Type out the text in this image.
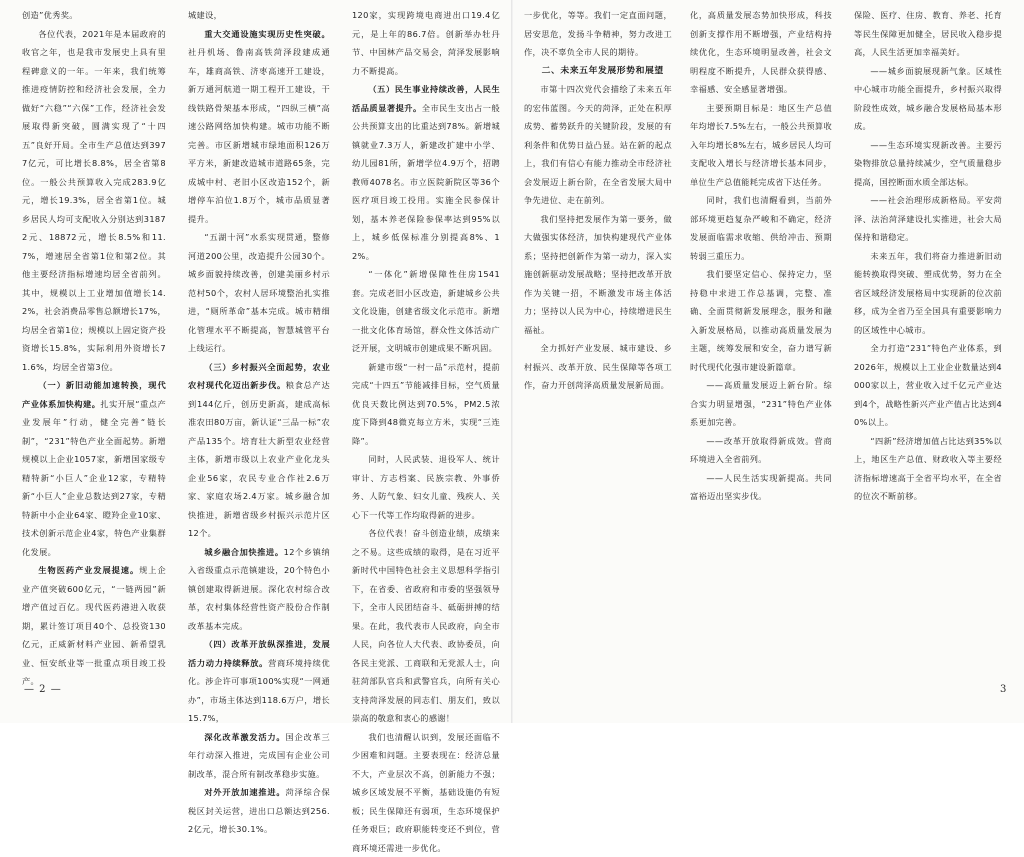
创造”优秀奖。

各位代表，2021年是本届政府的收官之年，也是我市发展史上具有里程碑意义的一年。一年来，我们统筹推进疫情防控和经济社会发展，全力做好“六稳”“六保”工作，经济社会发展取得新突破，圆满实现了“十四五”良好开局。全市生产总值达到3977亿元，可比增长8.8%，居全省第8位。一般公共预算收入完成283.9亿元，增长19.3%，居全省第1位。城乡居民人均可支配收入分别达到31872元、18872元，增长8.5%和11.7%，增速居全省第1位和第2位。其他主要经济指标增速均居全省前列。其中，规模以上工业增加值增长14.2%，社会消费品零售总额增长17%，均居全省第1位；规模以上固定资产投资增长15.8%，实际利用外资增长71.6%，均居全省第3位。

（一）新旧动能加速转换，现代产业体系加快构建。扎实开展“重点产业发展年”行动，健全完善“链长制”，“231”特色产业全面起势。新增规模以上企业1057家，新增国家级专精特新“小巨人”企业12家，专精特新“小巨人”企业总数达到27家，专精特新中小企业64家、瞪羚企业10家、技术创新示范企业4家，特色产业集群化发展。

生物医药产业发展提速。规上企业产值突破600亿元，“一链两园”新增产值过百亿。现代医药港进入收获期，累计签订项目40个、总投资130亿元，正威新材料产业园、新希望乳业、恒安纸业等一批重点项目竣工投产。

城建设，

重大交通设施实现历史性突破。社丹机场、鲁南高铁菏泽段建成通车，雄商高铁、济枣高速开工建设，新万通河航道一期工程开工建设，干线铁路骨架基本形成，“四纵三横”高速公路网络加快构建。城市功能不断完善。市区新增城市绿地面积126万平方米，新建改造城市道路65条，完成城中村、老旧小区改造152个，新增停车泊位1.8万个，城市品质显著提升。

“五湖十河”水系实现贯通，整修河道200公里，改造提升公园30个。城乡面貌持续改善，创建美丽乡村示范村50个，农村人居环境整治扎实推进，“厕所革命”基本完成。城市精细化管理水平不断提高，智慧城管平台上线运行。

（三）乡村振兴全面起势，农业农村现代化迈出新步伐。粮食总产达到144亿斤，创历史新高，建成高标准农田80万亩，新认证“三品一标”农产品135个。培育壮大新型农业经营主体，新增市级以上农业产业化龙头企业56家，农民专业合作社2.6万家、家庭农场2.4万家。城乡融合加快推进，新增省级乡村振兴示范片区12个。

城乡融合加快推进。12个乡镇纳入省级重点示范镇建设，20个特色小镇创建取得新进展。深化农村综合改革，农村集体经营性资产股份合作制改革基本完成。

（四）改革开放纵深推进，发展活力动力持续释放。营商环境持续优化。涉企许可事项100%实现“一网通办”，市场主体达到118.6万户，增长15.7%，

深化改革激发活力。国企改革三年行动深入推进，完成国有企业公司制改革，混合所有制改革稳步实施。

对外开放加速推进。菏泽综合保税区封关运营，进出口总额达到256.2亿元，增长30.1%。

120家，实现跨境电商进出口19.4亿元，是上年的86.7倍。创新举办牡丹节、中国林产品交易会，菏泽发展影响力不断提高。

（五）民生事业持续改善，人民生活品质显著提升。全市民生支出占一般公共预算支出的比重达到78%。新增城镇就业7.3万人，新建改扩建中小学、幼儿园81所，新增学位4.9万个，招聘教师4078名。市立医院新院区等36个医疗项目竣工投用。实施全民参保计划，基本养老保险参保率达到95%以上，城乡低保标准分别提高8%、12%。

“一体化”新增保障性住房1541套。完成老旧小区改造，新建城乡公共文化设施，创建省级文化示范市。新增一批文化体育场馆，群众性文体活动广泛开展，文明城市创建成果不断巩固。

新建市级“一村一品”示范村，提前完成“十四五”节能减排目标，空气质量优良天数比例达到70.5%，PM2.5浓度下降到48微克每立方米，实现“三连降”。

同时，人民武装、退役军人、统计审计、方志档案、民族宗教、外事侨务、人防气象、妇女儿童、残疾人、关心下一代等工作均取得新的进步。

各位代表！奋斗创造业绩，成绩来之不易。这些成绩的取得，是在习近平新时代中国特色社会主义思想科学指引下，在省委、省政府和市委的坚强领导下，全市人民团结奋斗、砥砺拼搏的结果。在此，我代表市人民政府，向全市人民，向各位人大代表、政协委员，向各民主党派、工商联和无党派人士，向驻菏部队官兵和武警官兵，向所有关心支持菏泽发展的同志们、朋友们，致以崇高的敬意和衷心的感谢！

我们也清醒认识到，发展还面临不少困难和问题。主要表现在：经济总量不大，产业层次不高，创新能力不强；城乡区域发展不平衡，基础设施仍有短板；民生保障还有弱项，生态环境保护任务艰巨；政府职能转变还不到位，营商环境还需进一步优化。

一步优化，等等。我们一定直面问题，居安思危，发扬斗争精神，努力改进工作，决不辜负全市人民的期待。

二、未来五年发展形势和展望

市第十四次党代会描绘了未来五年的宏伟蓝图。今天的菏泽，正处在积厚成势、蓄势跃升的关键阶段，发展的有利条件和优势日益凸显。站在新的起点上，我们有信心有能力推动全市经济社会发展迈上新台阶，在全省发展大局中争先进位、走在前列。

我们坚持把发展作为第一要务，做大做强实体经济，加快构建现代产业体系；坚持把创新作为第一动力，深入实施创新驱动发展战略；坚持把改革开放作为关键一招，不断激发市场主体活力；坚持以人民为中心，持续增进民生福祉。

全力抓好产业发展、城市建设、乡村振兴、改革开放、民生保障等各项工作，奋力开创菏泽高质量发展新局面。

化，高质量发展态势加快形成，科技创新支撑作用不断增强，产业结构持续优化，生态环境明显改善，社会文明程度不断提升，人民群众获得感、幸福感、安全感显著增强。

主要预期目标是：地区生产总值年均增长7.5%左右，一般公共预算收入年均增长8%左右，城乡居民人均可支配收入增长与经济增长基本同步，单位生产总值能耗完成省下达任务。

同时，我们也清醒看到，当前外部环境更趋复杂严峻和不确定，经济发展面临需求收缩、供给冲击、预期转弱三重压力。

我们要坚定信心、保持定力，坚持稳中求进工作总基调，完整、准确、全面贯彻新发展理念，服务和融入新发展格局，以推动高质量发展为主题，统筹发展和安全，奋力谱写新时代现代化强市建设新篇章。

——高质量发展迈上新台阶。综合实力明显增强，“231”特色产业体系更加完善。

——改革开放取得新成效。营商环境进入全省前列。

——人民生活实现新提高。共同富裕迈出坚实步伐。

保险、医疗、住房、教育、养老、托育等民生保障更加健全，居民收入稳步提高，人民生活更加幸福美好。

——城乡面貌展现新气象。区域性中心城市功能全面提升，乡村振兴取得阶段性成效，城乡融合发展格局基本形成。

——生态环境实现新改善。主要污染物排放总量持续减少，空气质量稳步提高，国控断面水质全部达标。

——社会治理形成新格局。平安菏泽、法治菏泽建设扎实推进，社会大局保持和谐稳定。

未来五年，我们将奋力推进新旧动能转换取得突破、塑成优势，努力在全省区域经济发展格局中实现新的位次前移，成为全省乃至全国具有重要影响力的区域性中心城市。

全力打造“231”特色产业体系，到2026年，规模以上工业企业数量达到4000家以上，营业收入过千亿元产业达到4个，战略性新兴产业产值占比达到40%以上。

“四新”经济增加值占比达到35%以上，地区生产总值、财政收入等主要经济指标增速高于全省平均水平，在全省的位次不断前移。

— 2 —	3
